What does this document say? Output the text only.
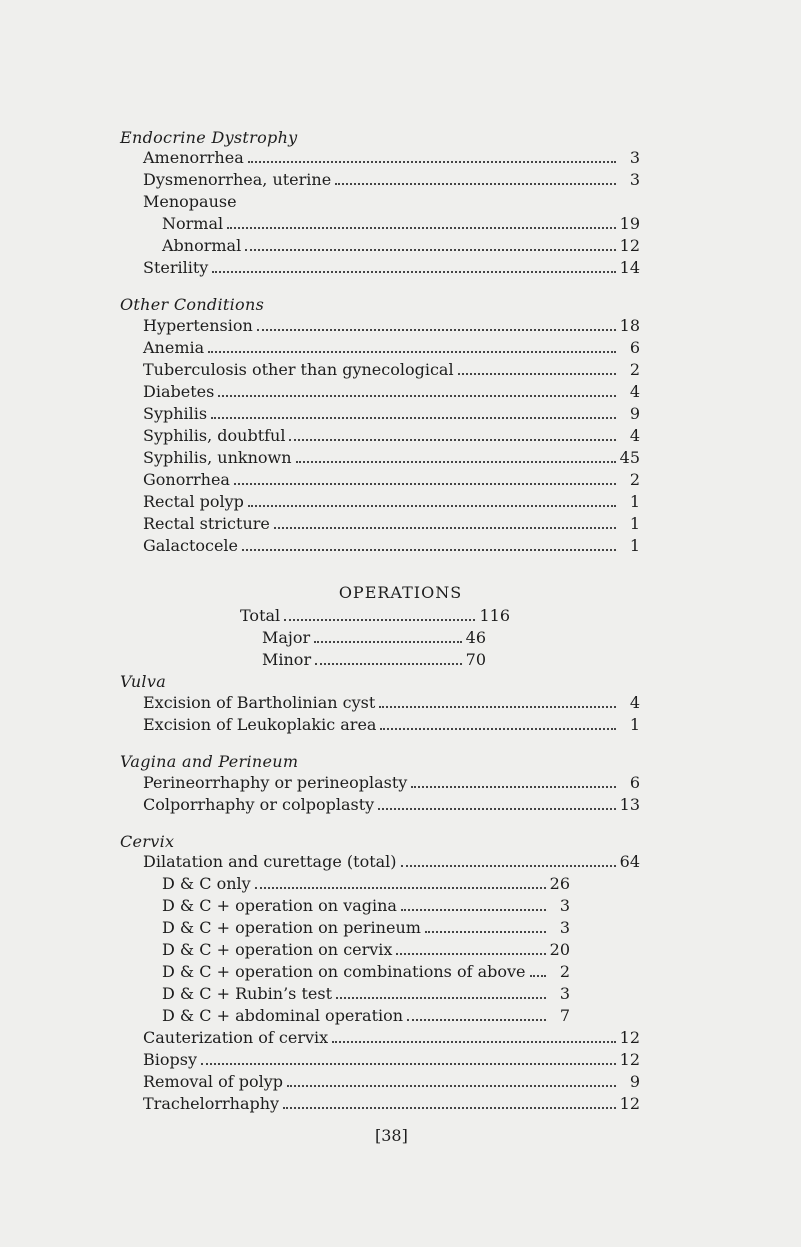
Endocrine Dystrophy
Amenorrhea	3
Dysmenorrhea, uterine	3
Menopause
Normal	19
Abnormal	12
Sterility	14
Other Conditions
Hypertension	18
Anemia	6
Tuberculosis other than gynecological	2
Diabetes	4
Syphilis	9
Syphilis, doubtful	4
Syphilis, unknown	45
Gonorrhea	2
Rectal polyp	1
Rectal stricture	1
Galactocele	1
OPERATIONS
Total	116
Major	46
Minor	70
Vulva
Excision of Bartholinian cyst	4
Excision of Leukoplakic area	1
Vagina and Perineum
Perineorrhaphy or perineoplasty	6
Colporrhaphy or colpoplasty	13
Cervix
Dilatation and curettage (total)	64
D & C only	26
D & C + operation on vagina	3
D & C + operation on perineum	3
D & C + operation on cervix	20
D & C + operation on combinations of above	2
D & C + Rubin’s test	3
D & C + abdominal operation	7
Cauterization of cervix	12
Biopsy	12
Removal of polyp	9
Trachelorrhaphy	12
[38]
